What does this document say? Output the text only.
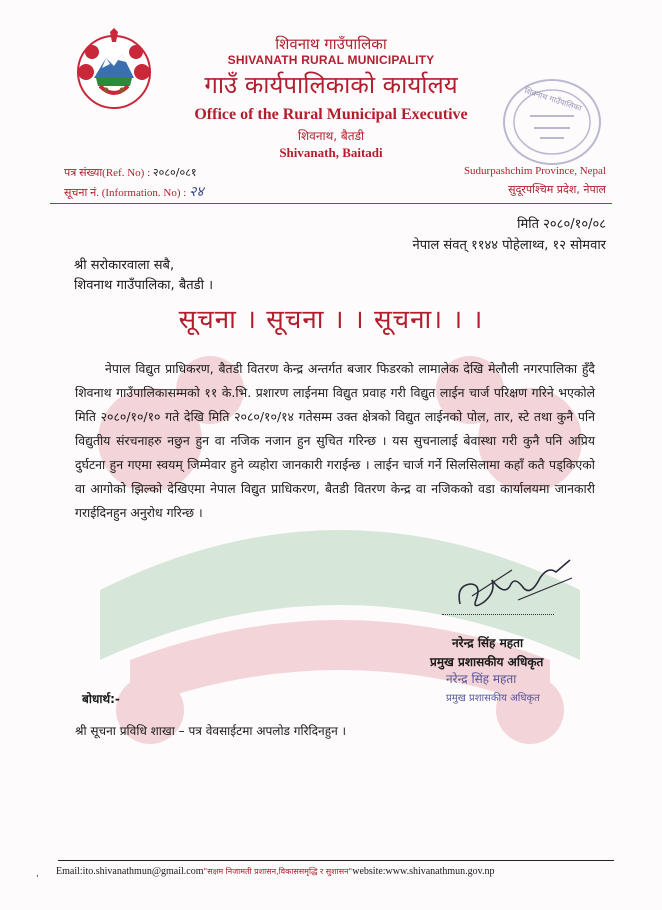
शिवनाथ गाउँपालिका
SHIVANATH RURAL MUNICIPALITY
गाउँ कार्यपालिकाको कार्यालय
Office of the Rural Municipal Executive
शिवनाथ, बैतडी
Shivanath, Baitadi
शिवनाथ गाउँपालिका
पत्र संख्या(Ref. No) : २०८०/०८१
सूचना नं. (Information. No) : २४
Sudurpashchim Province, Nepal
सुदूरपश्चिम प्रदेश, नेपाल
मिति २०८०/१०/०८
नेपाल संवत् ११४४ पोहेलाथ्व, १२ सोमवार
श्री सरोकारवाला सबै,
शिवनाथ गाउँपालिका, बैतडी ।
सूचना । सूचना । । सूचना। । ।
नेपाल विद्युत प्राधिकरण, बैतडी वितरण केन्द्र अन्तर्गत बजार फिडरको लामालेक देखि मेलौली नगरपालिका हुँदै शिवनाथ गाउँपालिकासम्मको ११ के.भि. प्रशारण लाईनमा विद्युत प्रवाह गरी विद्युत लाईन चार्ज परिक्षण गरिने भएकोले मिति २०८०/१०/१० गते देखि मिति २०८०/१०/१४ गतेसम्म उक्त क्षेत्रको विद्युत लाईनको पोल, तार, स्टे तथा कुनै पनि विद्युतीय संरचनाहरु नछुन हुन वा नजिक नजान हुन सुचित गरिन्छ । यस सुचनालाई बेवास्था गरी कुनै पनि अप्रिय दुर्घटना हुन गएमा स्वयम् जिम्मेवार हुने व्यहोरा जानकारी गराईन्छ । लाईन चार्ज गर्ने सिलसिलामा कहाँ कतै पड्किएको वा आगोको झिल्को देखिएमा नेपाल विद्युत प्राधिकरण, बैतडी वितरण केन्द्र वा नजिकको वडा कार्यालयमा जानकारी गराईदिनहुन अनुरोध गरिन्छ ।
नरेन्द्र सिंह महता
प्रमुख प्रशासकीय अधिकृत
नरेन्द्र सिंह महता
प्रमुख प्रशासकीय अधिकृत
बोधार्थ:-
श्री सूचना प्रविधि शाखा – पत्र वेवसाईटमा अपलोड गरिदिनहुन ।
‚ Email:ito.shivanathmun@gmail.com"सक्षम निजामती प्रशासन,विकाससमृद्धि र सुशासन"website:www.shivanathmun.gov.np
